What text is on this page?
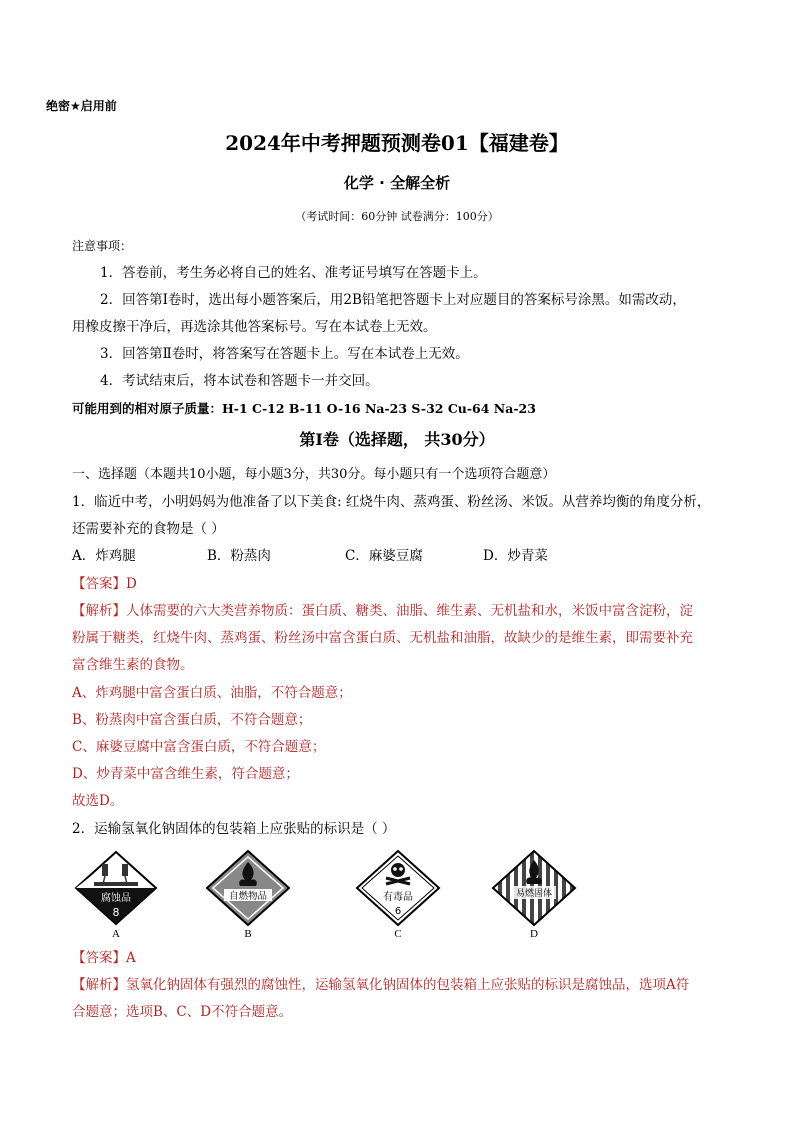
绝密★启用前
2024年中考押题预测卷01【福建卷】
化学 · 全解全析
（考试时间：60分钟 试卷满分：100分）
注意事项：
1．答卷前，考生务必将自己的姓名、准考证号填写在答题卡上。
2．回答第Ⅰ卷时，选出每小题答案后，用2B铅笔把答题卡上对应题目的答案标号涂黑。如需改动，
用橡皮擦干净后，再选涂其他答案标号。写在本试卷上无效。
3．回答第Ⅱ卷时，将答案写在答题卡上。写在本试卷上无效。
4．考试结束后，将本试卷和答题卡一并交回。
可能用到的相对原子质量：H-1 C-12 B-11 O-16 Na-23 S-32 Cu-64 Na-23
第Ⅰ卷（选择题， 共30分）
一、选择题（本题共10小题，每小题3分，共30分。每小题只有一个选项符合题意）
1．临近中考，小明妈妈为他准备了以下美食: 红烧牛肉、蒸鸡蛋、粉丝汤、米饭。从营养均衡的角度分析，
还需要补充的食物是（ ）
A．炸鸡腿	B．粉蒸肉	C．麻婆豆腐	D．炒青菜
【答案】D
【解析】人体需要的六大类营养物质：蛋白质、糖类、油脂、维生素、无机盐和水，米饭中富含淀粉，淀
粉属于糖类，红烧牛肉、蒸鸡蛋、粉丝汤中富含蛋白质、无机盐和油脂，故缺少的是维生素，即需要补充
富含维生素的食物。
A、炸鸡腿中富含蛋白质、油脂，不符合题意；
B、粉蒸肉中富含蛋白质，不符合题意；
C、麻婆豆腐中富含蛋白质，不符合题意；
D、炒青菜中富含维生素，符合题意；
故选D。
2．运输氢氧化钠固体的包装箱上应张贴的标识是（ ）
腐蚀品
8
A
自燃物品
B
有毒品
6
C
易燃固体
D
【答案】A
【解析】氢氧化钠固体有强烈的腐蚀性，运输氢氧化钠固体的包装箱上应张贴的标识是腐蚀品，选项A符
合题意；选项B、C、D不符合题意。
